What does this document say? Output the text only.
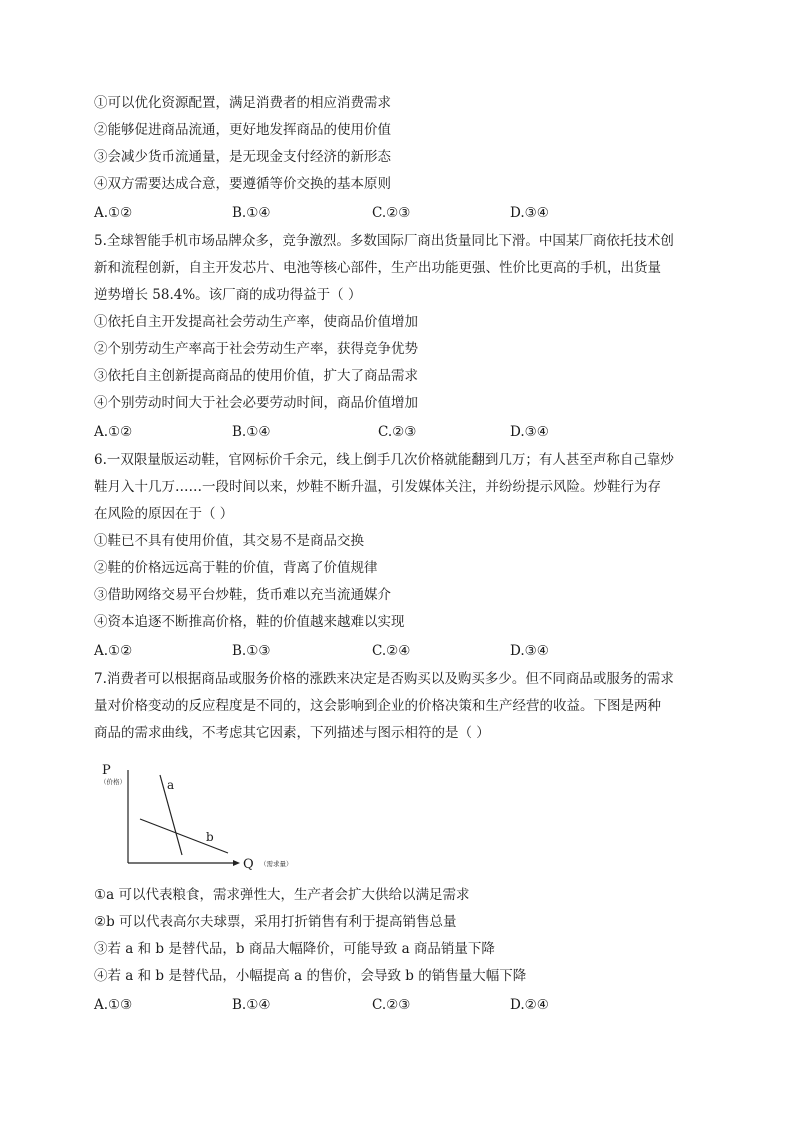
①可以优化资源配置，满足消费者的相应消费需求
②能够促进商品流通，更好地发挥商品的使用价值
③会减少货币流通量，是无现金支付经济的新形态
④双方需要达成合意，要遵循等价交换的基本原则
A.①②	B.①④	C.②③	D.③④
5.全球智能手机市场品牌众多，竞争激烈。多数国际厂商出货量同比下滑。中国某厂商依托技术创
新和流程创新，自主开发芯片、电池等核心部件，生产出功能更强、性价比更高的手机，出货量
逆势增长 58.4%。该厂商的成功得益于（ ）
①依托自主开发提高社会劳动生产率，使商品价值增加
②个别劳动生产率高于社会劳动生产率，获得竞争优势
③依托自主创新提高商品的使用价值，扩大了商品需求
④个别劳动时间大于社会必要劳动时间，商品价值增加
A.①②	B.①④	C.②③	D.③④
6.一双限量版运动鞋，官网标价千余元，线上倒手几次价格就能翻到几万；有人甚至声称自己靠炒
鞋月入十几万……一段时间以来，炒鞋不断升温，引发媒体关注，并纷纷提示风险。炒鞋行为存
在风险的原因在于（ ）
①鞋已不具有使用价值，其交易不是商品交换
②鞋的价格远远高于鞋的价值，背离了价值规律
③借助网络交易平台炒鞋，货币难以充当流通媒介
④资本追逐不断推高价格，鞋的价值越来越难以实现
A.①②	B.①③	C.②④	D.③④
7.消费者可以根据商品或服务价格的涨跌来决定是否购买以及购买多少。但不同商品或服务的需求
量对价格变动的反应程度是不同的，这会影响到企业的价格决策和生产经营的收益。下图是两种
商品的需求曲线，不考虑其它因素，下列描述与图示相符的是（ ）
P
（价格）	a
b
Q （需求量）
①a 可以代表粮食，需求弹性大，生产者会扩大供给以满足需求
②b 可以代表高尔夫球票，采用打折销售有利于提高销售总量
③若 a 和 b 是替代品，b 商品大幅降价，可能导致 a 商品销量下降
④若 a 和 b 是替代品，小幅提高 a 的售价，会导致 b 的销售量大幅下降
A.①③	B.①④	C.②③	D.②④
